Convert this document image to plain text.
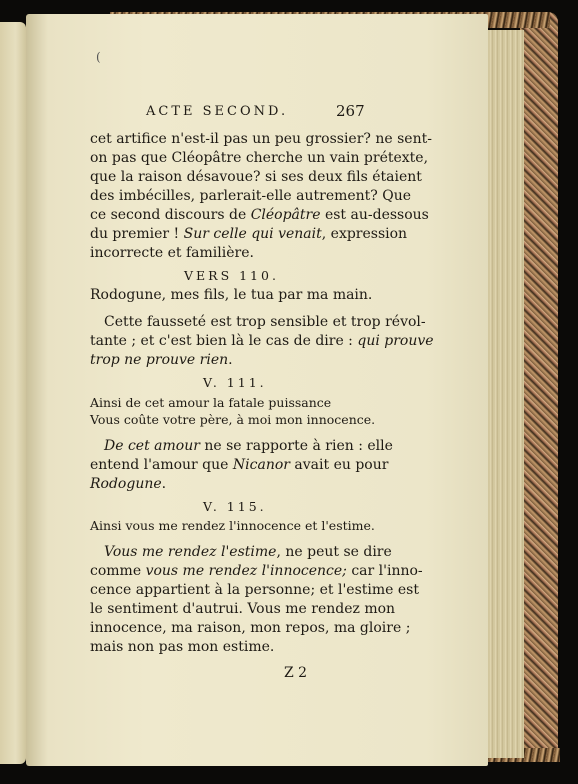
(
ACTE SECOND.	267
cet artifice n'est-il pas un peu grossier? ne sent-
on pas que Cléopâtre cherche un vain prétexte,
que la raison désavoue? si ses deux fils étaient
des imbécilles, parlerait-elle autrement? Que
ce second discours de Cléopâtre est au-dessous
du premier ! Sur celle qui venait, expression
incorrecte et familière.
VERS 110.
Rodogune, mes fils, le tua par ma main.
Cette fausseté est trop sensible et trop révol-
tante ; et c'est bien là le cas de dire : qui prouve
trop ne prouve rien.
V. 111.
Ainsi de cet amour la fatale puissance
Vous coûte votre père, à moi mon innocence.
De cet amour ne se rapporte à rien : elle
entend l'amour que Nicanor avait eu pour
Rodogune.
V. 115.
Ainsi vous me rendez l'innocence et l'estime.
Vous me rendez l'estime, ne peut se dire
comme vous me rendez l'innocence; car l'inno-
cence appartient à la personne; et l'estime est
le sentiment d'autrui. Vous me rendez mon
innocence, ma raison, mon repos, ma gloire ;
mais non pas mon estime.
Z 2
